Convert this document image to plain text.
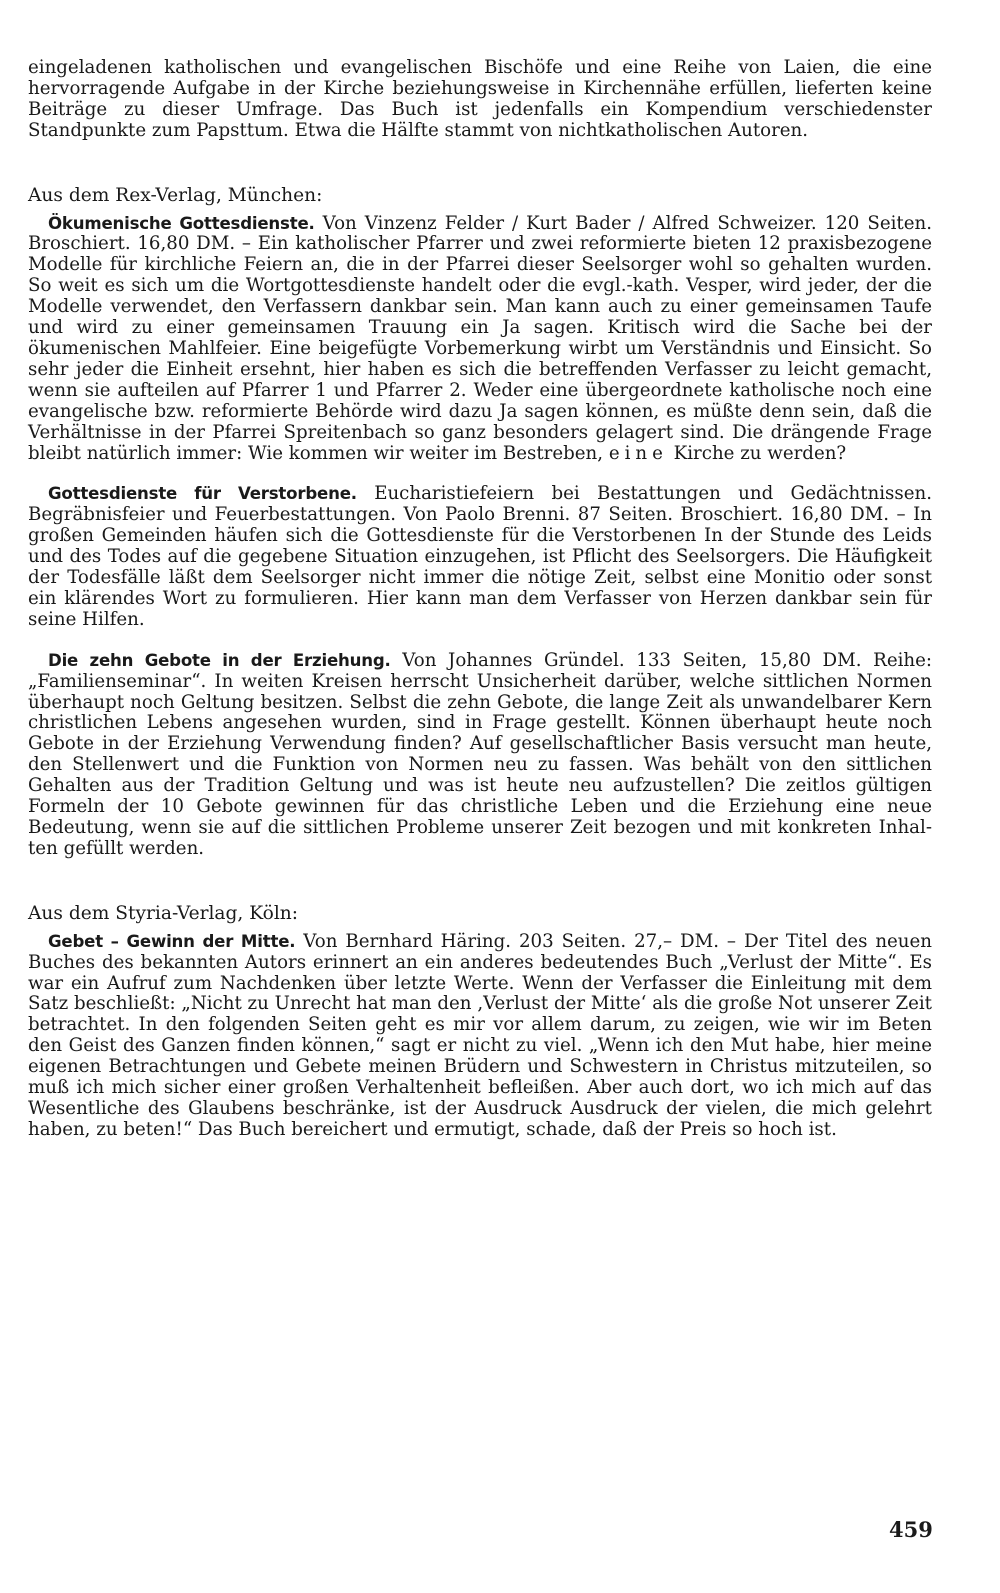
eingeladenen katholischen und evangelischen Bischöfe und eine Reihe von Laien, die eine hervorragende Aufgabe in der Kirche beziehungsweise in Kirchennähe erfüllen, lieferten keine Beiträge zu dieser Umfrage. Das Buch ist jedenfalls ein Kompendium verschiedenster Standpunkte zum Papsttum. Etwa die Hälfte stammt von nichtkatholischen Autoren.

Aus dem Rex-Verlag, München:

Ökumenische Gottesdienste. Von Vinzenz Felder / Kurt Bader / Alfred Schweizer. 120 Seiten. Broschiert. 16,80 DM. – Ein katholischer Pfarrer und zwei reformierte bieten 12 praxisbezogene Modelle für kirchliche Feiern an, die in der Pfarrei dieser Seelsorger wohl so gehalten wurden. So weit es sich um die Wortgottesdienste handelt oder die evgl.-kath. Vesper, wird jeder, der die Modelle verwendet, den Verfassern dankbar sein. Man kann auch zu einer gemeinsamen Taufe und wird zu einer gemeinsamen Trauung ein Ja sagen. Kritisch wird die Sache bei der ökumenischen Mahlfeier. Eine beigefügte Vorbemerkung wirbt um Verständnis und Einsicht. So sehr jeder die Einheit ersehnt, hier haben es sich die betreffenden Verfasser zu leicht gemacht, wenn sie aufteilen auf Pfarrer 1 und Pfarrer 2. Weder eine übergeordnete katholische noch eine evangelische bzw. reformierte Behörde wird dazu Ja sagen können, es müßte denn sein, daß die Verhältnisse in der Pfarrei Spreitenbach so ganz besonders gelagert sind. Die drängende Frage bleibt natürlich immer: Wie kommen wir weiter im Bestreben, eine Kirche zu werden?

Gottesdienste für Verstorbene. Eucharistiefeiern bei Bestattungen und Gedächtnissen. Begräbnisfeier und Feuerbestattungen. Von Paolo Brenni. 87 Seiten. Broschiert. 16,80 DM. – In großen Gemeinden häufen sich die Gottesdienste für die Verstorbenen In der Stunde des Leids und des Todes auf die gegebene Situation einzugehen, ist Pflicht des Seelsorgers. Die Häufigkeit der Todesfälle läßt dem Seelsorger nicht immer die nötige Zeit, selbst eine Monitio oder sonst ein klärendes Wort zu formulieren. Hier kann man dem Verfasser von Herzen dankbar sein für seine Hilfen.

Die zehn Gebote in der Erziehung. Von Johannes Gründel. 133 Seiten, 15,80 DM. Reihe: „Familienseminar“. In weiten Kreisen herrscht Unsicherheit darüber, welche sittlichen Normen überhaupt noch Geltung besitzen. Selbst die zehn Gebote, die lange Zeit als unwandelbarer Kern christlichen Lebens angesehen wurden, sind in Frage gestellt. Können überhaupt heute noch Gebote in der Erziehung Verwendung finden? Auf gesellschaftlicher Basis versucht man heute, den Stellenwert und die Funktion von Normen neu zu fassen. Was behält von den sittlichen Gehalten aus der Tradition Geltung und was ist heute neu aufzustellen? Die zeitlos gültigen Formeln der 10 Gebote gewinnen für das christliche Leben und die Erziehung eine neue Bedeutung, wenn sie auf die sittlichen Probleme unserer Zeit bezogen und mit konkreten Inhalten gefüllt werden.

Aus dem Styria-Verlag, Köln:

Gebet – Gewinn der Mitte. Von Bernhard Häring. 203 Seiten. 27,– DM. – Der Titel des neuen Buches des bekannten Autors erinnert an ein anderes bedeutendes Buch „Verlust der Mitte“. Es war ein Aufruf zum Nachdenken über letzte Werte. Wenn der Verfasser die Einleitung mit dem Satz beschließt: „Nicht zu Unrecht hat man den ‚Verlust der Mitte‘ als die große Not unserer Zeit betrachtet. In den folgenden Seiten geht es mir vor allem darum, zu zeigen, wie wir im Beten den Geist des Ganzen finden können,“ sagt er nicht zu viel. „Wenn ich den Mut habe, hier meine eigenen Betrachtungen und Gebete meinen Brüdern und Schwestern in Christus mitzuteilen, so muß ich mich sicher einer großen Verhaltenheit befleißen. Aber auch dort, wo ich mich auf das Wesentliche des Glaubens beschränke, ist der Ausdruck Ausdruck der vielen, die mich gelehrt haben, zu beten!“ Das Buch bereichert und ermutigt, schade, daß der Preis so hoch ist.

459
